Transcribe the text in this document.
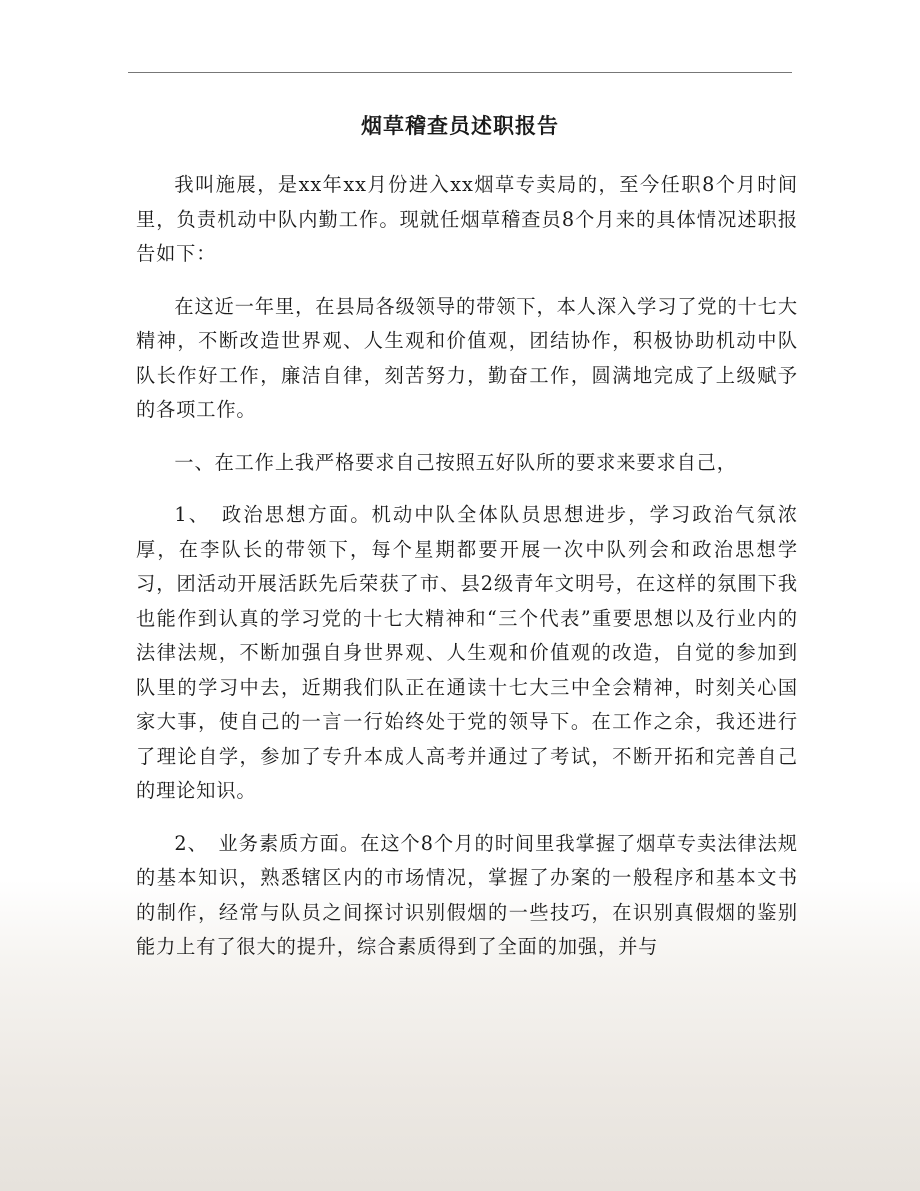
烟草稽查员述职报告

我叫施展，是xx年xx月份进入xx烟草专卖局的，至今任职8个月时间里，负责机动中队内勤工作。现就任烟草稽查员8个月来的具体情况述职报告如下：

在这近一年里，在县局各级领导的带领下，本人深入学习了党的十七大精神，不断改造世界观、人生观和价值观，团结协作，积极协助机动中队队长作好工作，廉洁自律，刻苦努力，勤奋工作，圆满地完成了上级赋予的各项工作。

一、在工作上我严格要求自己按照五好队所的要求来要求自己，

1、　政治思想方面。机动中队全体队员思想进步，学习政治气氛浓厚，在李队长的带领下，每个星期都要开展一次中队列会和政治思想学习，团活动开展活跃先后荣获了市、县2级青年文明号，在这样的氛围下我也能作到认真的学习党的十七大精神和“三个代表”重要思想以及行业内的法律法规，不断加强自身世界观、人生观和价值观的改造，自觉的参加到队里的学习中去，近期我们队正在通读十七大三中全会精神，时刻关心国家大事，使自己的一言一行始终处于党的领导下。在工作之余，我还进行了理论自学，参加了专升本成人高考并通过了考试，不断开拓和完善自己的理论知识。

2、　业务素质方面。在这个8个月的时间里我掌握了烟草专卖法律法规的基本知识，熟悉辖区内的市场情况，掌握了办案的一般程序和基本文书的制作，经常与队员之间探讨识别假烟的一些技巧，在识别真假烟的鉴别能力上有了很大的提升，综合素质得到了全面的加强，并与
